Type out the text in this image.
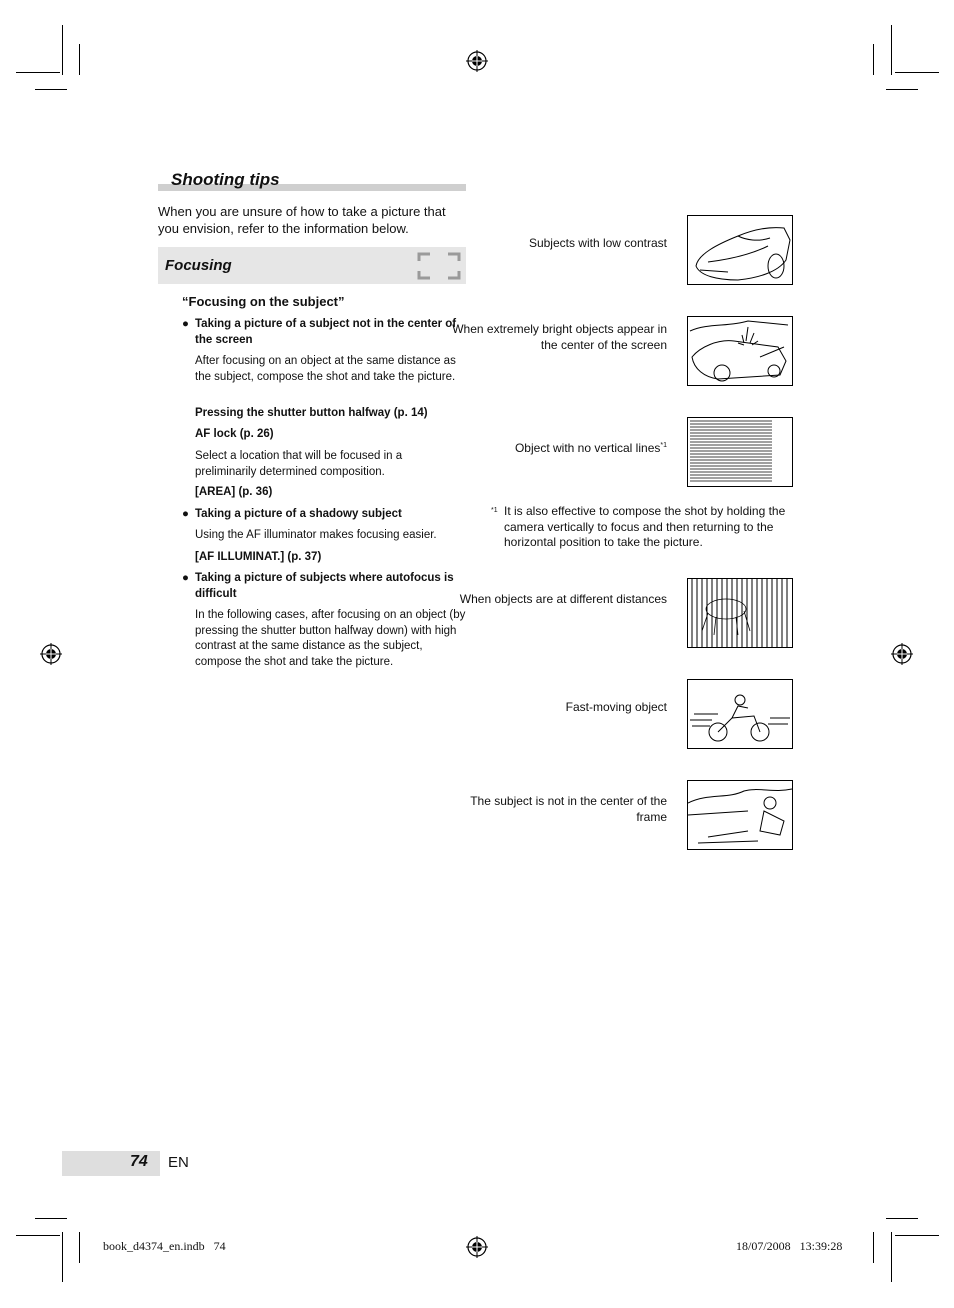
Shooting tips
When you are unsure of how to take a picture that you envision, refer to the information below.
Focusing
“Focusing on the subject”
● Taking a picture of a subject not in the center of the screen
After focusing on an object at the same distance as the subject, compose the shot and take the picture.
Pressing the shutter button halfway (p. 14)
AF lock (p. 26)
Select a location that will be focused in a preliminarily determined composition.
[AREA] (p. 36)
● Taking a picture of a shadowy subject
Using the AF illuminator makes focusing easier.
[AF ILLUMINAT.] (p. 37)
● Taking a picture of subjects where autofocus is difficult
In the following cases, after focusing on an object (by pressing the shutter button halfway down) with high contrast at the same distance as the subject, compose the shot and take the picture.
Subjects with low contrast
When extremely bright objects appear in the center of the screen
Object with no vertical lines$^{*1}$
*1 It is also effective to compose the shot by holding the camera vertically to focus and then returning to the horizontal position to take the picture.
When objects are at different distances
Fast-moving object
The subject is not in the center of the frame
74 EN
book_d4374_en.indb   74	18/07/2008   13:39:28
